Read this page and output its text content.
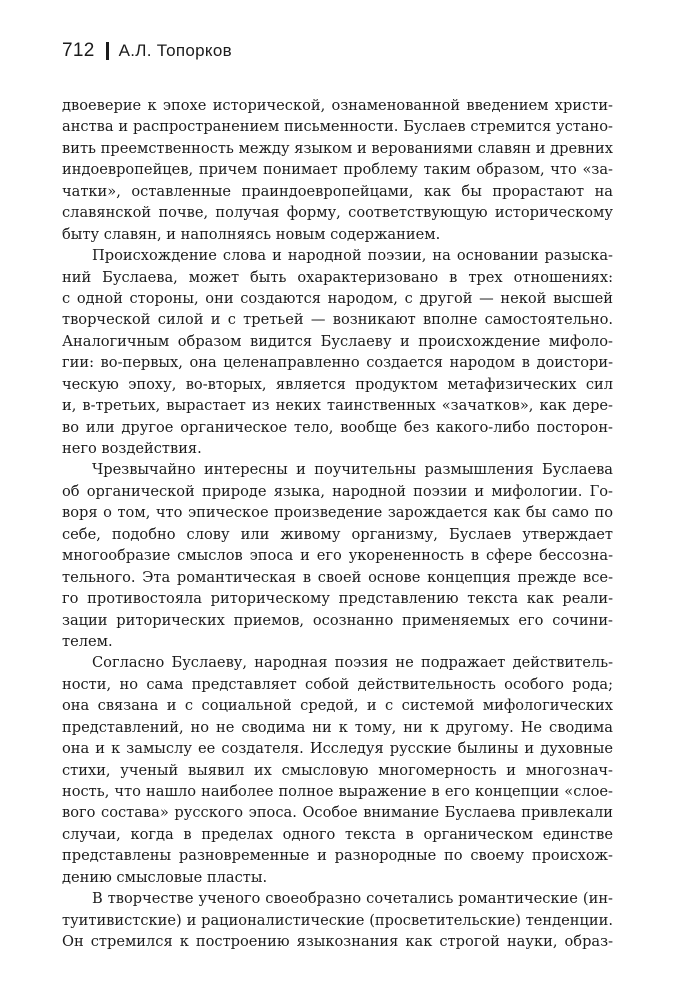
712 А.Л. Топорков
двоеверие к эпохе исторической, ознаменованной введением христи-
анства и распространением письменности. Буслаев стремится устано-
вить преемственность между языком и верованиями славян и древних
индоевропейцев, причем понимает проблему таким образом, что «за-
чатки», оставленные праиндоевропейцами, как бы прорастают на
славянской почве, получая форму, соответствующую историческому
быту славян, и наполняясь новым содержанием.
Происхождение слова и народной поэзии, на основании разыска-
ний Буслаева, может быть охарактеризовано в трех отношениях:
с одной стороны, они создаются народом, с другой — некой высшей
творческой силой и с третьей — возникают вполне самостоятельно.
Аналогичным образом видится Буслаеву и происхождение мифоло-
гии: во-первых, она целенаправленно создается народом в доистори-
ческую эпоху, во-вторых, является продуктом метафизических сил
и, в-третьих, вырастает из неких таинственных «зачатков», как дере-
во или другое органическое тело, вообще без какого-либо посторон-
него воздействия.
Чрезвычайно интересны и поучительны размышления Буслаева
об органической природе языка, народной поэзии и мифологии. Го-
воря о том, что эпическое произведение зарождается как бы само по
себе, подобно слову или живому организму, Буслаев утверждает
многообразие смыслов эпоса и его укорененность в сфере бессозна-
тельного. Эта романтическая в своей основе концепция прежде все-
го противостояла риторическому представлению текста как реали-
зации риторических приемов, осознанно применяемых его сочини-
телем.
Согласно Буслаеву, народная поэзия не подражает действитель-
ности, но сама представляет собой действительность особого рода;
она связана и с социальной средой, и с системой мифологических
представлений, но не сводима ни к тому, ни к другому. Не сводима
она и к замыслу ее создателя. Исследуя русские былины и духовные
стихи, ученый выявил их смысловую многомерность и многознач-
ность, что нашло наиболее полное выражение в его концепции «слое-
вого состава» русского эпоса. Особое внимание Буслаева привлекали
случаи, когда в пределах одного текста в органическом единстве
представлены разновременные и разнородные по своему происхож-
дению смысловые пласты.
В творчестве ученого своеобразно сочетались романтические (ин-
туитивистские) и рационалистические (просветительские) тенденции.
Он стремился к построению языкознания как строгой науки, образ-
